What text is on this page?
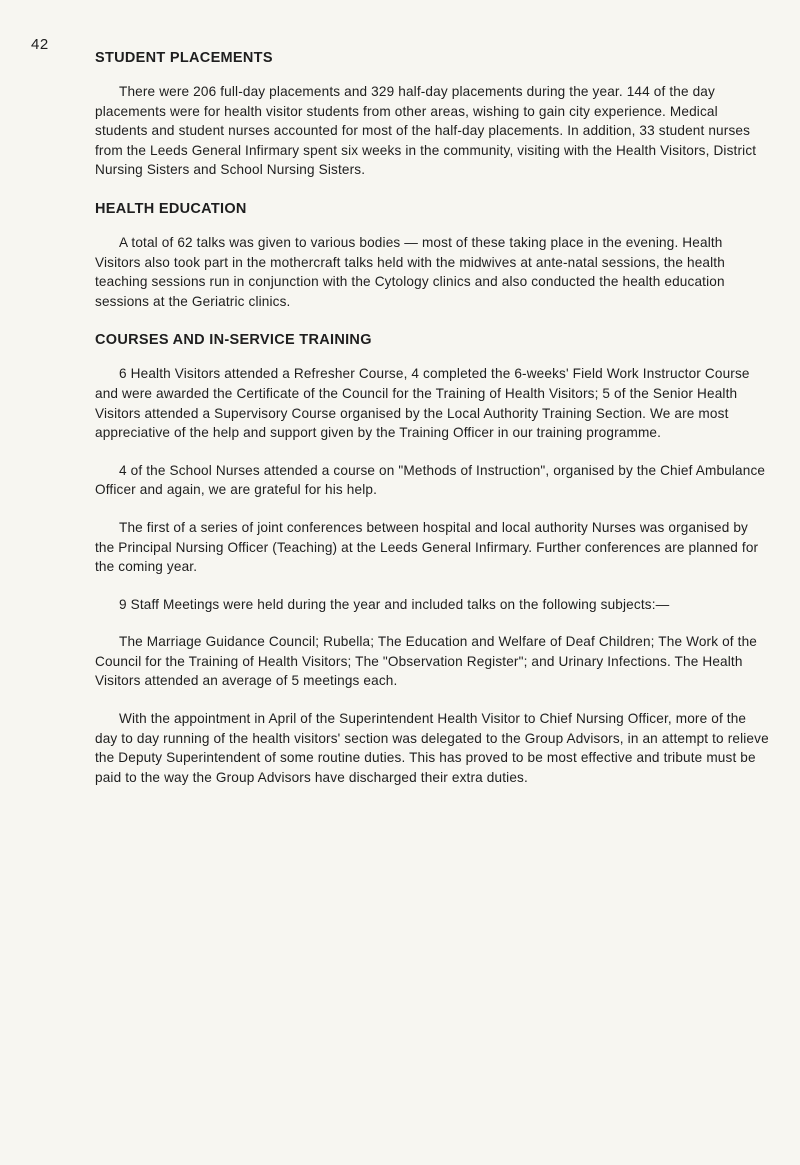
42
STUDENT PLACEMENTS

There were 206 full-day placements and 329 half-day placements during the year. 144 of the day placements were for health visitor students from other areas, wishing to gain city experience. Medical students and student nurses accounted for most of the half-day placements. In addition, 33 student nurses from the Leeds General Infirmary spent six weeks in the community, visiting with the Health Visitors, District Nursing Sisters and School Nursing Sisters.

HEALTH EDUCATION

A total of 62 talks was given to various bodies — most of these taking place in the evening. Health Visitors also took part in the mothercraft talks held with the midwives at ante-natal sessions, the health teaching sessions run in conjunction with the Cytology clinics and also conducted the health education sessions at the Geriatric clinics.

COURSES AND IN-SERVICE TRAINING

6 Health Visitors attended a Refresher Course, 4 completed the 6-weeks' Field Work Instructor Course and were awarded the Certificate of the Council for the Training of Health Visitors; 5 of the Senior Health Visitors attended a Supervisory Course organised by the Local Authority Training Section. We are most appreciative of the help and support given by the Training Officer in our training programme.

4 of the School Nurses attended a course on "Methods of Instruction", organised by the Chief Ambulance Officer and again, we are grateful for his help.

The first of a series of joint conferences between hospital and local authority Nurses was organised by the Principal Nursing Officer (Teaching) at the Leeds General Infirmary. Further conferences are planned for the coming year.

9 Staff Meetings were held during the year and included talks on the following subjects:—

The Marriage Guidance Council; Rubella; The Education and Welfare of Deaf Children; The Work of the Council for the Training of Health Visitors; The "Observation Register"; and Urinary Infections. The Health Visitors attended an average of 5 meetings each.

With the appointment in April of the Superintendent Health Visitor to Chief Nursing Officer, more of the day to day running of the health visitors' section was delegated to the Group Advisors, in an attempt to relieve the Deputy Superintendent of some routine duties. This has proved to be most effective and tribute must be paid to the way the Group Advisors have discharged their extra duties.
